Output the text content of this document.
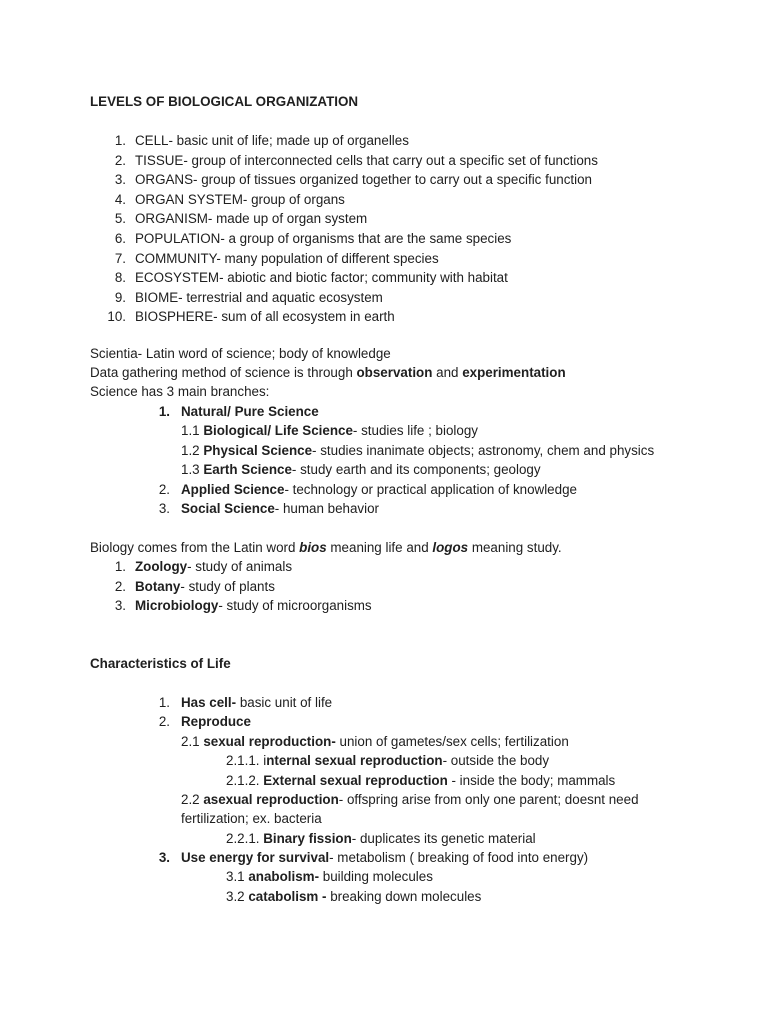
LEVELS OF BIOLOGICAL ORGANIZATION
1. CELL- basic unit of life; made up of organelles
2. TISSUE- group of interconnected cells that carry out a specific set of functions
3. ORGANS- group of tissues organized together to carry out a specific function
4. ORGAN SYSTEM- group of organs
5. ORGANISM- made up of organ system
6. POPULATION- a group of organisms that are the same species
7. COMMUNITY- many population of different species
8. ECOSYSTEM- abiotic and biotic factor; community with habitat
9. BIOME- terrestrial and aquatic ecosystem
10. BIOSPHERE- sum of all ecosystem in earth
Scientia- Latin word of science; body of knowledge
Data gathering method of science is through observation and experimentation
Science has 3 main branches:
1. Natural/ Pure Science
1.1 Biological/ Life Science- studies life ; biology
1.2 Physical Science- studies inanimate objects; astronomy, chem and physics
1.3 Earth Science- study earth and its components; geology
2. Applied Science- technology or practical application of knowledge
3. Social Science- human behavior
Biology comes from the Latin word bios meaning life and logos meaning study.
1. Zoology- study of animals
2. Botany- study of plants
3. Microbiology- study of microorganisms
Characteristics of Life
1. Has cell- basic unit of life
2. Reproduce
2.1 sexual reproduction- union of gametes/sex cells; fertilization
2.1.1. internal sexual reproduction- outside the body
2.1.2. External sexual reproduction - inside the body; mammals
2.2 asexual reproduction- offspring arise from only one parent; doesnt need
fertilization; ex. bacteria
2.2.1. Binary fission- duplicates its genetic material
3. Use energy for survival- metabolism ( breaking of food into energy)
3.1 anabolism- building molecules
3.2 catabolism - breaking down molecules
